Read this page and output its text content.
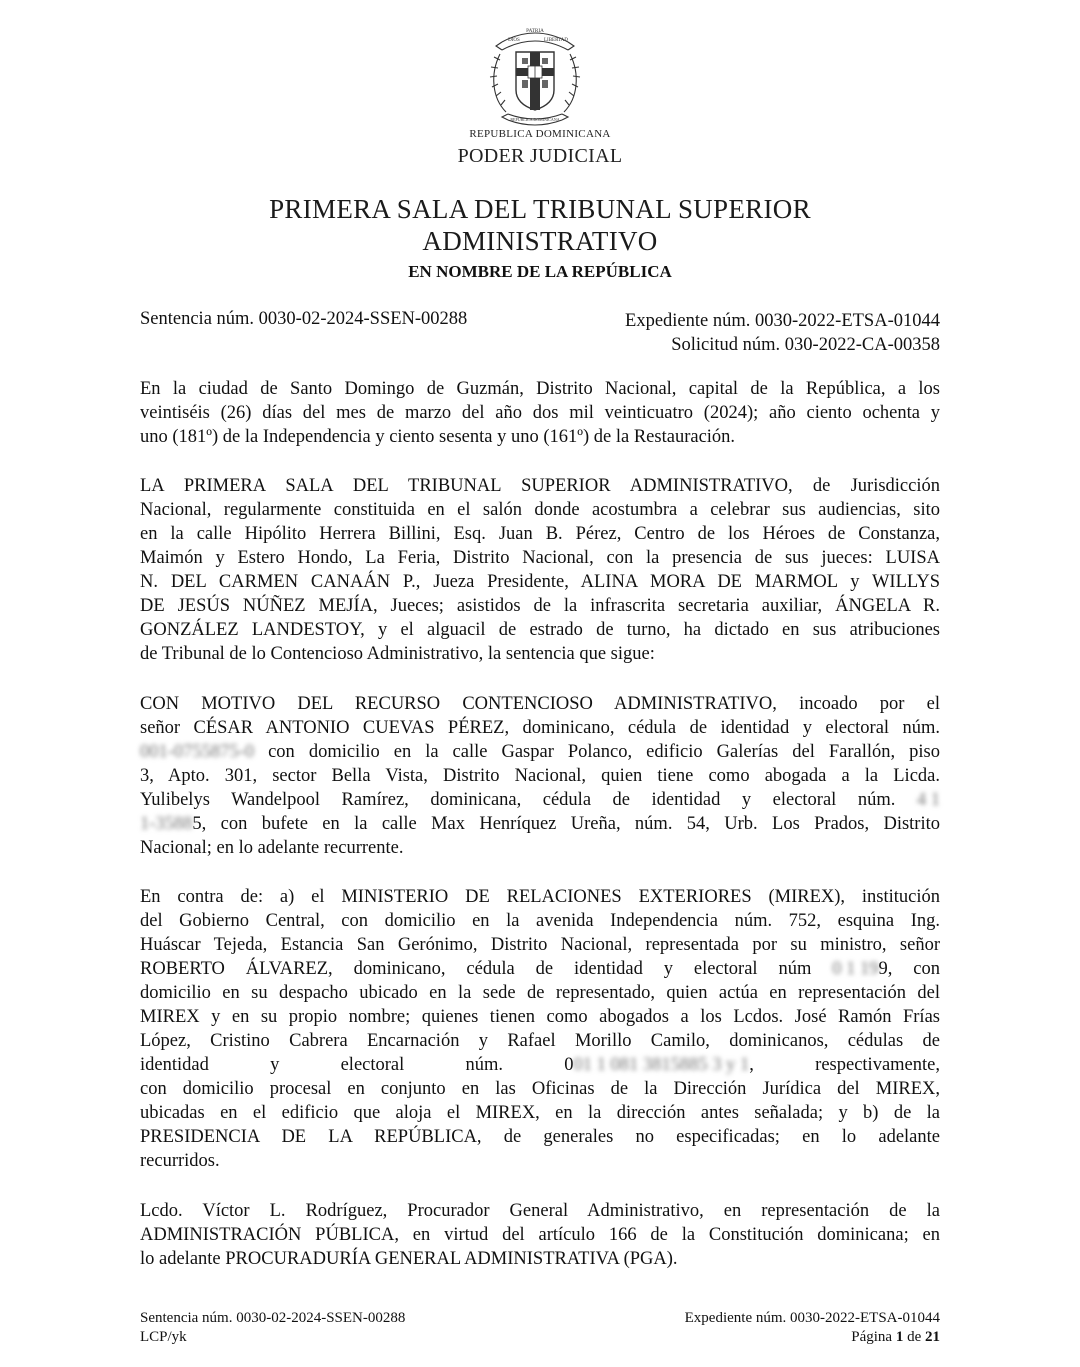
PATRIA
DIOS	LIBERTAD
REPUBLICA DOMINICANA
REPUBLICA DOMINICANA
PODER JUDICIAL
PRIMERA SALA DEL TRIBUNAL SUPERIOR
ADMINISTRATIVO
EN NOMBRE DE LA REPÚBLICA
Sentencia núm. 0030-02-2024-SSEN-00288	Expediente núm. 0030-2022-ETSA-01044
Solicitud núm. 030-2022-CA-00358
En la ciudad de Santo Domingo de Guzmán, Distrito Nacional, capital de la República, a los
veintiséis (26) días del mes de marzo del año dos mil veinticuatro (2024); año ciento ochenta y
uno (181º) de la Independencia y ciento sesenta y uno (161º) de la Restauración.
LA PRIMERA SALA DEL TRIBUNAL SUPERIOR ADMINISTRATIVO, de Jurisdicción
Nacional, regularmente constituida en el salón donde acostumbra a celebrar sus audiencias, sito
en la calle Hipólito Herrera Billini, Esq. Juan B. Pérez, Centro de los Héroes de Constanza,
Maimón y Estero Hondo, La Feria, Distrito Nacional, con la presencia de sus jueces: LUISA
N. DEL CARMEN CANAÁN P., Jueza Presidente, ALINA MORA DE MARMOL y WILLYS
DE JESÚS NÚÑEZ MEJÍA, Jueces; asistidos de la infrascrita secretaria auxiliar, ÁNGELA R.
GONZÁLEZ LANDESTOY, y el alguacil de estrado de turno, ha dictado en sus atribuciones
de Tribunal de lo Contencioso Administrativo, la sentencia que sigue:
CON MOTIVO DEL RECURSO CONTENCIOSO ADMINISTRATIVO, incoado por el
señor CÉSAR ANTONIO CUEVAS PÉREZ, dominicano, cédula de identidad y electoral núm.
001-0755875-0 con domicilio en la calle Gaspar Polanco, edificio Galerías del Farallón, piso
3, Apto. 301, sector Bella Vista, Distrito Nacional, quien tiene como abogada a la Licda.
Yulibelys Wandelpool Ramírez, dominicana, cédula de identidad y electoral núm. 4 1
1-35885, con bufete en la calle Max Henríquez Ureña, núm. 54, Urb. Los Prados, Distrito
Nacional; en lo adelante recurrente.
En contra de: a) el MINISTERIO DE RELACIONES EXTERIORES (MIREX), institución
del Gobierno Central, con domicilio en la avenida Independencia núm. 752, esquina Ing.
Huáscar Tejeda, Estancia San Gerónimo, Distrito Nacional, representada por su ministro, señor
ROBERTO ÁLVAREZ, dominicano, cédula de identidad y electoral núm 0 1 199, con
domicilio en su despacho ubicado en la sede de representado, quien actúa en representación del
MIREX y en su propio nombre; quienes tienen como abogados a los Lcdos. José Ramón Frías
López, Cristino Cabrera Encarnación y Rafael Morillo Camilo, dominicanos, cédulas de
identidad y electoral núm. 001 1 081 3815885 3 y 1, respectivamente,
con domicilio procesal en conjunto en las Oficinas de la Dirección Jurídica del MIREX,
ubicadas en el edificio que aloja el MIREX, en la dirección antes señalada; y b) de la
PRESIDENCIA DE LA REPÚBLICA, de generales no especificadas; en lo adelante
recurridos.
Lcdo. Víctor L. Rodríguez, Procurador General Administrativo, en representación de la
ADMINISTRACIÓN PÚBLICA, en virtud del artículo 166 de la Constitución dominicana; en
lo adelante PROCURADURÍA GENERAL ADMINISTRATIVA (PGA).
Sentencia núm. 0030-02-2024-SSEN-00288
LCP/yk
Expediente núm. 0030-2022-ETSA-01044
Página 1 de 21
